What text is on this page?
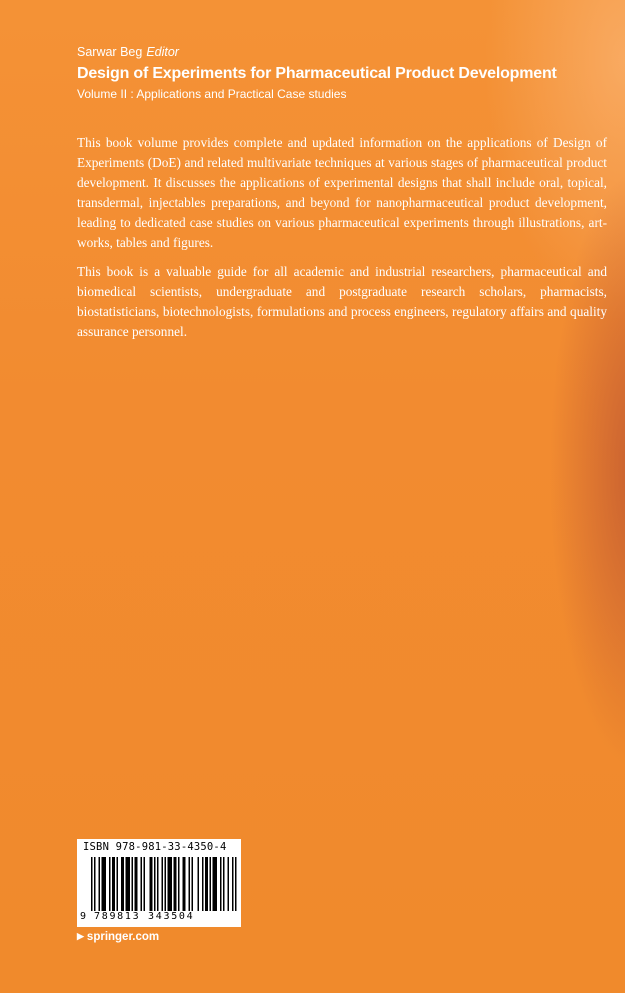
Sarwar Beg Editor
Design of Experiments for Pharmaceutical Product Development
Volume II : Applications and Practical Case studies

This book volume provides complete and updated information on the applications of Design of Experiments (DoE) and related multivariate techniques at various stages of pharmaceutical product development. It discusses the applications of experimental designs that shall include oral, topical, transdermal, injectables preparations, and beyond for nanopharmaceutical product development, leading to dedicated case studies on various pharmaceutical experiments through illustrations, art-works, tables and figures.

This book is a valuable guide for all academic and industrial researchers, pharmaceutical and biomedical scientists, undergraduate and postgraduate research scholars, pharmacists, biostatisticians, biotechnologists, formulations and process engineers, regulatory affairs and quality assurance personnel.

ISBN 978-981-33-4350-4
9 789813 343504
▶ springer.com
